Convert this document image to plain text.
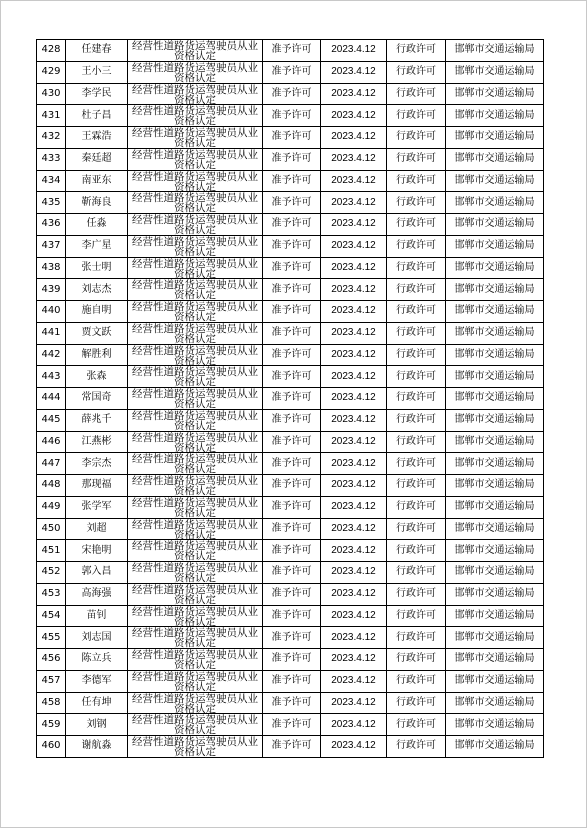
428	任建春	经营性道路货运驾驶员从业资格认定	准予许可	2023.4.12	行政许可	邯郸市交通运输局
429	王小三	经营性道路货运驾驶员从业资格认定	准予许可	2023.4.12	行政许可	邯郸市交通运输局
430	李学民	经营性道路货运驾驶员从业资格认定	准予许可	2023.4.12	行政许可	邯郸市交通运输局
431	杜子昌	经营性道路货运驾驶员从业资格认定	准予许可	2023.4.12	行政许可	邯郸市交通运输局
432	王霖浩	经营性道路货运驾驶员从业资格认定	准予许可	2023.4.12	行政许可	邯郸市交通运输局
433	秦廷超	经营性道路货运驾驶员从业资格认定	准予许可	2023.4.12	行政许可	邯郸市交通运输局
434	南亚东	经营性道路货运驾驶员从业资格认定	准予许可	2023.4.12	行政许可	邯郸市交通运输局
435	靳海良	经营性道路货运驾驶员从业资格认定	准予许可	2023.4.12	行政许可	邯郸市交通运输局
436	任淼	经营性道路货运驾驶员从业资格认定	准予许可	2023.4.12	行政许可	邯郸市交通运输局
437	李广星	经营性道路货运驾驶员从业资格认定	准予许可	2023.4.12	行政许可	邯郸市交通运输局
438	张士明	经营性道路货运驾驶员从业资格认定	准予许可	2023.4.12	行政许可	邯郸市交通运输局
439	刘志杰	经营性道路货运驾驶员从业资格认定	准予许可	2023.4.12	行政许可	邯郸市交通运输局
440	施自明	经营性道路货运驾驶员从业资格认定	准予许可	2023.4.12	行政许可	邯郸市交通运输局
441	贾文跃	经营性道路货运驾驶员从业资格认定	准予许可	2023.4.12	行政许可	邯郸市交通运输局
442	解胜利	经营性道路货运驾驶员从业资格认定	准予许可	2023.4.12	行政许可	邯郸市交通运输局
443	张森	经营性道路货运驾驶员从业资格认定	准予许可	2023.4.12	行政许可	邯郸市交通运输局
444	常国奇	经营性道路货运驾驶员从业资格认定	准予许可	2023.4.12	行政许可	邯郸市交通运输局
445	薛兆千	经营性道路货运驾驶员从业资格认定	准予许可	2023.4.12	行政许可	邯郸市交通运输局
446	江燕彬	经营性道路货运驾驶员从业资格认定	准予许可	2023.4.12	行政许可	邯郸市交通运输局
447	李宗杰	经营性道路货运驾驶员从业资格认定	准予许可	2023.4.12	行政许可	邯郸市交通运输局
448	那现福	经营性道路货运驾驶员从业资格认定	准予许可	2023.4.12	行政许可	邯郸市交通运输局
449	张学军	经营性道路货运驾驶员从业资格认定	准予许可	2023.4.12	行政许可	邯郸市交通运输局
450	刘超	经营性道路货运驾驶员从业资格认定	准予许可	2023.4.12	行政许可	邯郸市交通运输局
451	宋艳明	经营性道路货运驾驶员从业资格认定	准予许可	2023.4.12	行政许可	邯郸市交通运输局
452	郭入昌	经营性道路货运驾驶员从业资格认定	准予许可	2023.4.12	行政许可	邯郸市交通运输局
453	高海强	经营性道路货运驾驶员从业资格认定	准予许可	2023.4.12	行政许可	邯郸市交通运输局
454	苗钊	经营性道路货运驾驶员从业资格认定	准予许可	2023.4.12	行政许可	邯郸市交通运输局
455	刘志国	经营性道路货运驾驶员从业资格认定	准予许可	2023.4.12	行政许可	邯郸市交通运输局
456	陈立兵	经营性道路货运驾驶员从业资格认定	准予许可	2023.4.12	行政许可	邯郸市交通运输局
457	李德军	经营性道路货运驾驶员从业资格认定	准予许可	2023.4.12	行政许可	邯郸市交通运输局
458	任有坤	经营性道路货运驾驶员从业资格认定	准予许可	2023.4.12	行政许可	邯郸市交通运输局
459	刘钢	经营性道路货运驾驶员从业资格认定	准予许可	2023.4.12	行政许可	邯郸市交通运输局
460	谢航淼	经营性道路货运驾驶员从业资格认定	准予许可	2023.4.12	行政许可	邯郸市交通运输局
